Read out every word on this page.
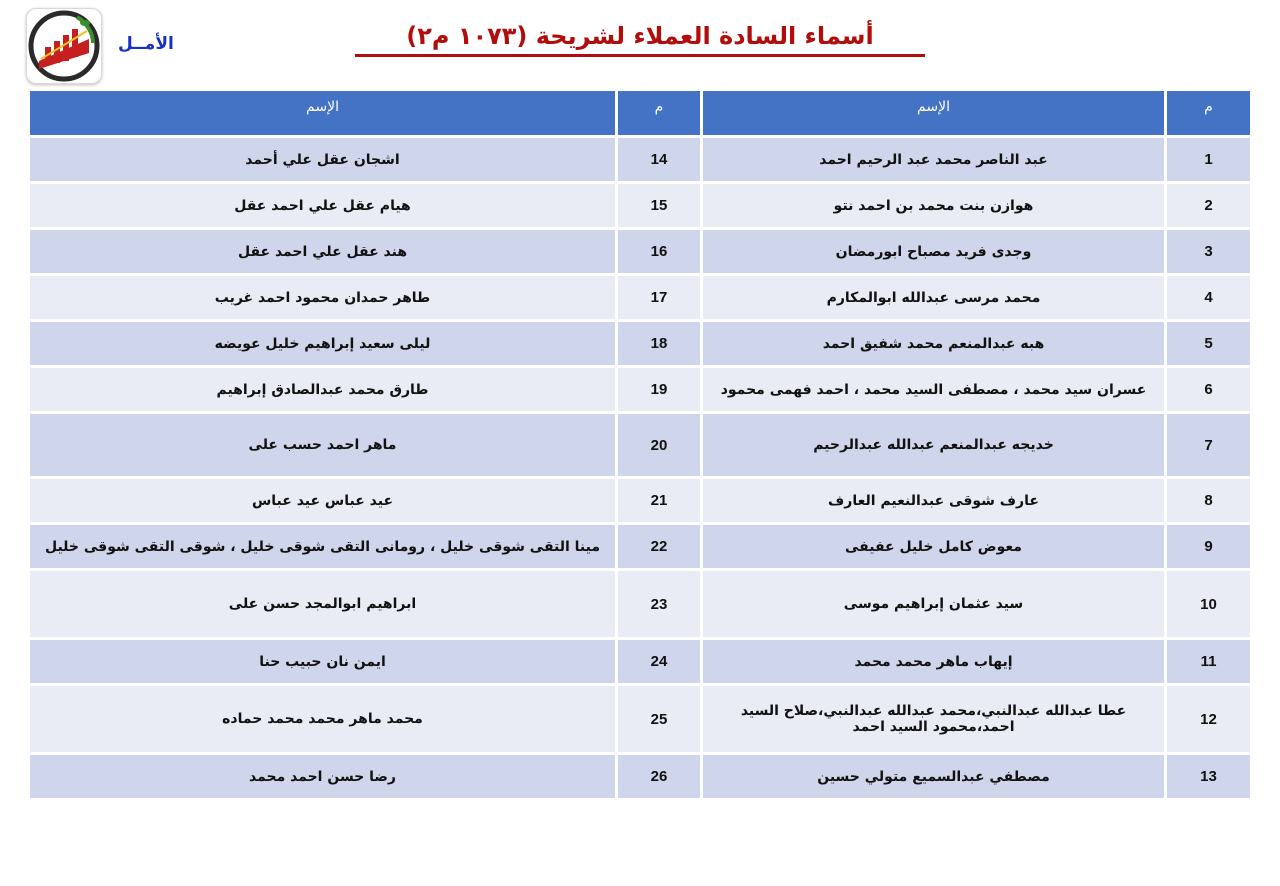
الأمــل	أسماء السادة العملاء لشريحة (١٠٧٣ م٢)
م	الإسم	م	الإسم
1	عبد الناصر محمد عبد الرحيم احمد	14	اشجان عقل علي أحمد
2	هوازن بنت محمد بن احمد نتو	15	هيام عقل علي احمد عقل
3	وجدى فريد مصباح ابورمضان	16	هند عقل علي احمد عقل
4	محمد مرسى عبدالله ابوالمكارم	17	طاهر حمدان محمود احمد غريب
5	هبه عبدالمنعم محمد شفيق احمد	18	ليلى سعيد إبراهيم خليل عويضه
6	عسران سيد محمد ، مصطفى السيد محمد ، احمد فهمى محمود	19	طارق محمد عبدالصادق إبراهيم
7	خديجه عبدالمنعم عبدالله عبدالرحيم	20	ماهر احمد حسب على
8	عارف شوقى عبدالنعيم العارف	21	عيد عباس عيد عباس
9	معوض كامل خليل عفيفى	22	مينا التقى شوقى خليل ، رومانى التقى شوقى خليل ، شوقى التقى شوقى خليل
10	سيد عثمان إبراهيم موسى	23	ابراهيم ابوالمجد حسن على
11	إيهاب ماهر محمد محمد	24	ايمن نان حبيب حنا
12	عطا عبدالله عبدالنبي،محمد عبدالله عبدالنبي،صلاح السيد احمد،محمود السيد احمد	25	محمد ماهر محمد محمد حماده
13	مصطفي عبدالسميع متولي حسين	26	رضا حسن احمد محمد
